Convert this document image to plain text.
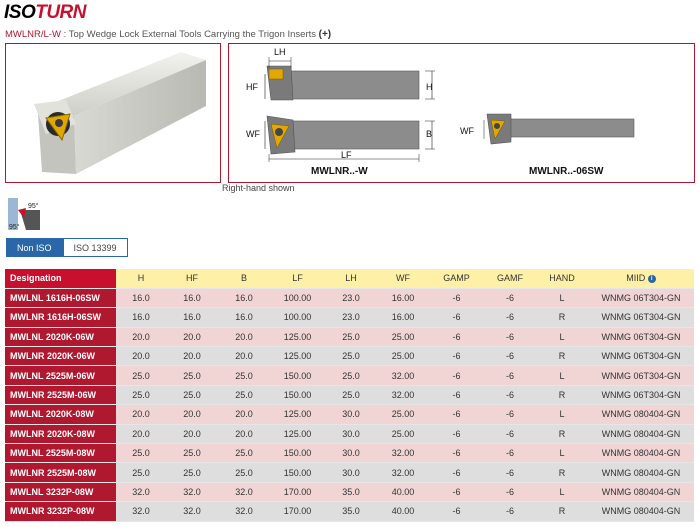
ISOTURN
MWLNR/L-W : Top Wedge Lock External Tools Carrying the Trigon Inserts (+)
LH
HF	H
WF	B
LF
MWLNR..-W
WF
MWLNR..-06SW
Right-hand shown
95°
95°
Non ISO	ISO 13399
Designation	H	HF	B	LF	LH	WF	GAMP	GAMF	HAND	MIID i
MWLNL 1616H-06SW	16.0	16.0	16.0	100.00	23.0	16.00	-6	-6	L	WNMG 06T304-GN
MWLNR 1616H-06SW	16.0	16.0	16.0	100.00	23.0	16.00	-6	-6	R	WNMG 06T304-GN
MWLNL 2020K-06W	20.0	20.0	20.0	125.00	25.0	25.00	-6	-6	L	WNMG 06T304-GN
MWLNR 2020K-06W	20.0	20.0	20.0	125.00	25.0	25.00	-6	-6	R	WNMG 06T304-GN
MWLNL 2525M-06W	25.0	25.0	25.0	150.00	25.0	32.00	-6	-6	L	WNMG 06T304-GN
MWLNR 2525M-06W	25.0	25.0	25.0	150.00	25.0	32.00	-6	-6	R	WNMG 06T304-GN
MWLNL 2020K-08W	20.0	20.0	20.0	125.00	30.0	25.00	-6	-6	L	WNMG 080404-GN
MWLNR 2020K-08W	20.0	20.0	20.0	125.00	30.0	25.00	-6	-6	R	WNMG 080404-GN
MWLNL 2525M-08W	25.0	25.0	25.0	150.00	30.0	32.00	-6	-6	L	WNMG 080404-GN
MWLNR 2525M-08W	25.0	25.0	25.0	150.00	30.0	32.00	-6	-6	R	WNMG 080404-GN
MWLNL 3232P-08W	32.0	32.0	32.0	170.00	35.0	40.00	-6	-6	L	WNMG 080404-GN
MWLNR 3232P-08W	32.0	32.0	32.0	170.00	35.0	40.00	-6	-6	R	WNMG 080404-GN
